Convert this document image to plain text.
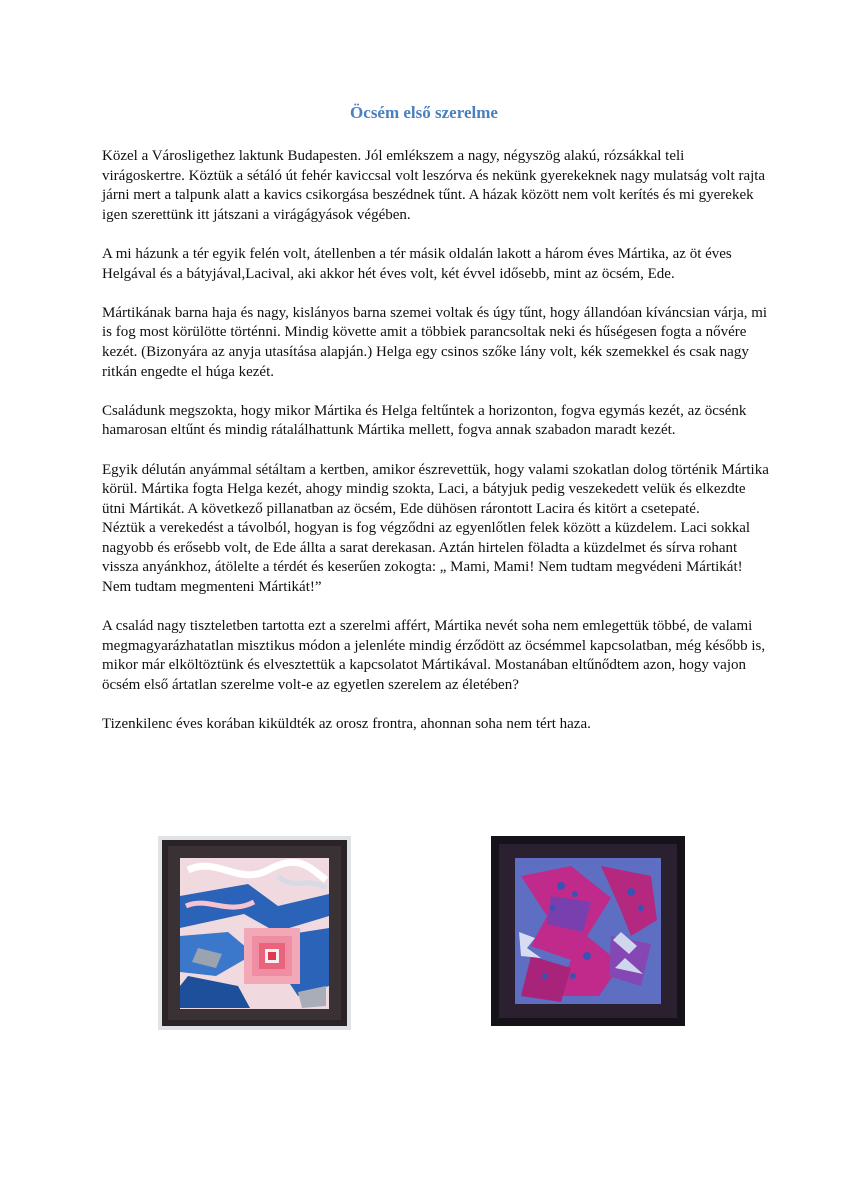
Öcsém első szerelme

Közel a Városligethez laktunk Budapesten. Jól emlékszem a nagy, négyszög alakú, rózsákkal teli virágoskertre. Köztük a sétáló út fehér kaviccsal volt leszórva és nekünk gyerekeknek nagy mulatság volt rajta járni mert a talpunk alatt a kavics csikorgása beszédnek tűnt. A házak között nem volt kerítés és mi gyerekek igen szerettünk itt játszani a virágágyások végében.

A mi házunk a tér egyik felén volt, átellenben a tér másik oldalán lakott a három éves Mártika, az öt éves Helgával és a bátyjával,Lacival, aki akkor hét éves volt, két évvel idősebb, mint az öcsém, Ede.

Mártikának barna haja és nagy, kislányos barna szemei voltak és úgy tűnt, hogy állandóan kíváncsian várja, mi is fog most körülötte történni. Mindig követte amit a többiek parancsoltak neki és hűségesen fogta a nővére kezét. (Bizonyára az anyja utasítása alapján.) Helga egy csinos szőke lány volt, kék szemekkel és csak nagy ritkán engedte el húga kezét.

Családunk megszokta, hogy mikor Mártika és Helga feltűntek a horizonton, fogva egymás kezét, az öcsénk hamarosan eltűnt és mindig rátalálhattunk Mártika mellett, fogva annak szabadon maradt kezét.

Egyik délután anyámmal sétáltam a kertben, amikor észrevettük, hogy valami szokatlan dolog történik Mártika körül. Mártika fogta Helga kezét, ahogy mindig szokta, Laci, a bátyjuk pedig veszekedett velük és elkezdte ütni Mártikát. A következő pillanatban az öcsém, Ede dühösen rárontott Lacira és kitört a csetepaté.

Néztük a verekedést a távolból, hogyan is fog végződni az egyenlőtlen felek között a küzdelem. Laci sokkal nagyobb és erősebb volt, de Ede állta a sarat derekasan. Aztán hirtelen föladta a küzdelmet és sírva rohant vissza anyánkhoz, átölelte a térdét és keserűen zokogta: „ Mami, Mami! Nem tudtam megvédeni Mártikát! Nem tudtam megmenteni Mártikát!”

A család nagy tiszteletben tartotta ezt a szerelmi affért, Mártika nevét soha nem emlegettük többé, de valami megmagyarázhatatlan misztikus módon a jelenléte mindig érződött az öcsémmel kapcsolatban, még később is, mikor már elköltöztünk és elvesztettük a kapcsolatot Mártikával. Mostanában eltűnődtem azon, hogy vajon öcsém első ártatlan szerelme volt-e az egyetlen szerelem az életében?

Tizenkilenc éves korában kiküldték az orosz frontra, ahonnan soha nem tért haza.
